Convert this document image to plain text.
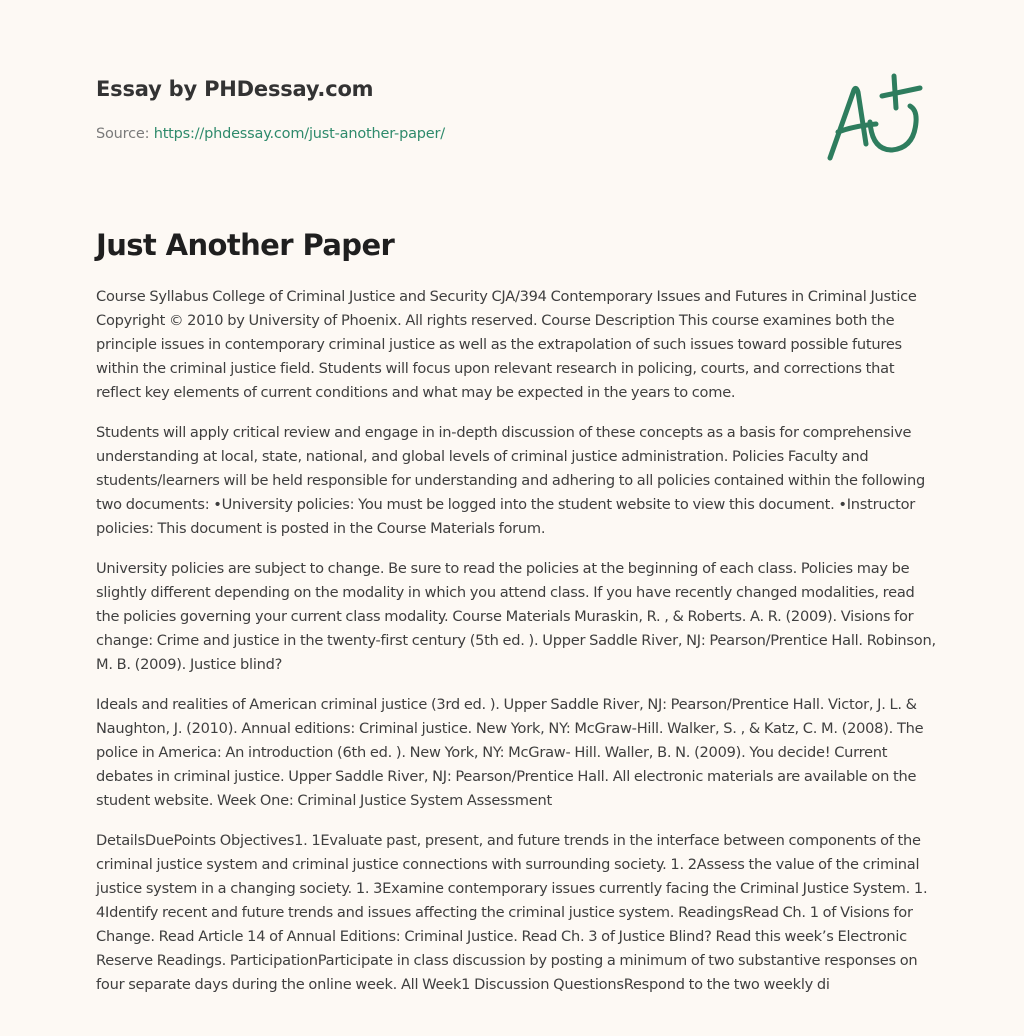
Essay by PHDessay.com
Source: https://phdessay.com/just-another-paper/
Just Another Paper

Course Syllabus College of Criminal Justice and Security CJA/394 Contemporary Issues and Futures in Criminal Justice Copyright © 2010 by University of Phoenix. All rights reserved. Course Description This course examines both the principle issues in contemporary criminal justice as well as the extrapolation of such issues toward possible futures within the criminal justice field. Students will focus upon relevant research in policing, courts, and corrections that reflect key elements of current conditions and what may be expected in the years to come.

Students will apply critical review and engage in in-depth discussion of these concepts as a basis for comprehensive understanding at local, state, national, and global levels of criminal justice administration. Policies Faculty and students/learners will be held responsible for understanding and adhering to all policies contained within the following two documents: •University policies: You must be logged into the student website to view this document. •Instructor policies: This document is posted in the Course Materials forum.

University policies are subject to change. Be sure to read the policies at the beginning of each class. Policies may be slightly different depending on the modality in which you attend class. If you have recently changed modalities, read the policies governing your current class modality. Course Materials Muraskin, R. , & Roberts. A. R. (2009). Visions for change: Crime and justice in the twenty-first century (5th ed. ). Upper Saddle River, NJ: Pearson/Prentice Hall. Robinson, M. B. (2009). Justice blind?

Ideals and realities of American criminal justice (3rd ed. ). Upper Saddle River, NJ: Pearson/Prentice Hall. Victor, J. L. & Naughton, J. (2010). Annual editions: Criminal justice. New York, NY: McGraw-Hill. Walker, S. , & Katz, C. M. (2008). The police in America: An introduction (6th ed. ). New York, NY: McGraw- Hill. Waller, B. N. (2009). You decide! Current debates in criminal justice. Upper Saddle River, NJ: Pearson/Prentice Hall. All electronic materials are available on the student website. Week One: Criminal Justice System Assessment

DetailsDuePoints Objectives1. 1Evaluate past, present, and future trends in the interface between components of the criminal justice system and criminal justice connections with surrounding society. 1. 2Assess the value of the criminal justice system in a changing society. 1. 3Examine contemporary issues currently facing the Criminal Justice System. 1. 4Identify recent and future trends and issues affecting the criminal justice system. ReadingsRead Ch. 1 of Visions for Change. Read Article 14 of Annual Editions: Criminal Justice. Read Ch. 3 of Justice Blind? Read this week’s Electronic Reserve Readings. ParticipationParticipate in class discussion by posting a minimum of two substantive responses on four separate days during the online week. All Week1 Discussion QuestionsRespond to the two weekly di
